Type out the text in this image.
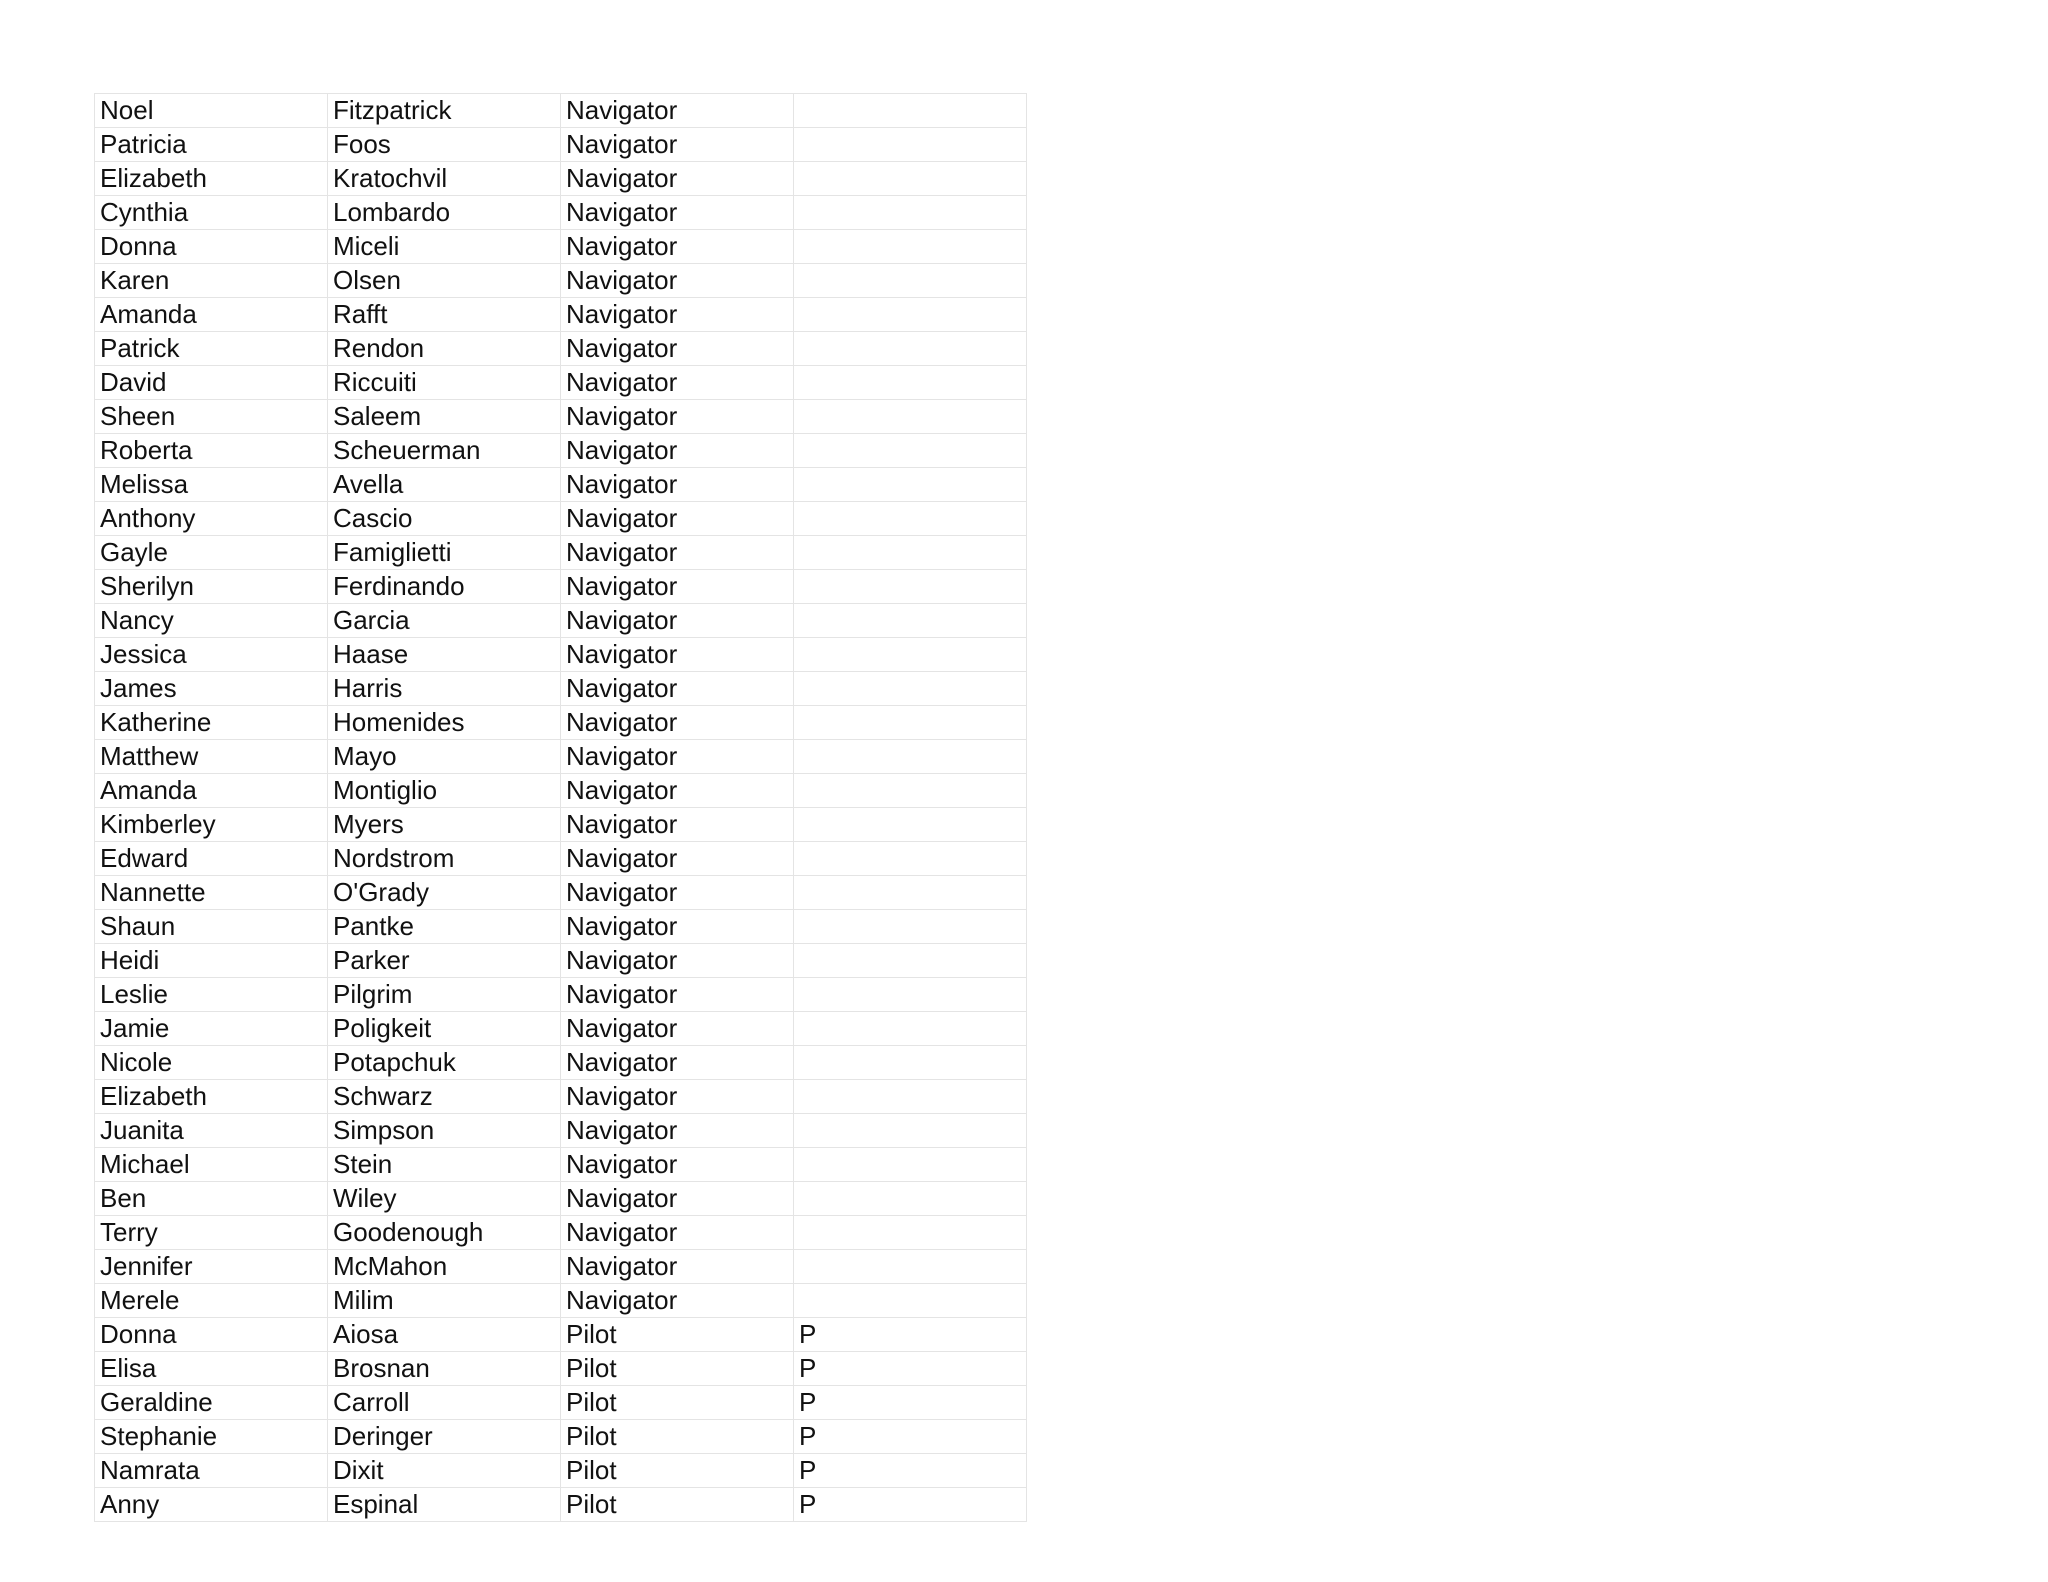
Noel	Fitzpatrick	Navigator	
Patricia	Foos	Navigator	
Elizabeth	Kratochvil	Navigator	
Cynthia	Lombardo	Navigator	
Donna	Miceli	Navigator	
Karen	Olsen	Navigator	
Amanda	Rafft	Navigator	
Patrick	Rendon	Navigator	
David	Riccuiti	Navigator	
Sheen	Saleem	Navigator	
Roberta	Scheuerman	Navigator	
Melissa	Avella	Navigator	
Anthony	Cascio	Navigator	
Gayle	Famiglietti	Navigator	
Sherilyn	Ferdinando	Navigator	
Nancy	Garcia	Navigator	
Jessica	Haase	Navigator	
James	Harris	Navigator	
Katherine	Homenides	Navigator	
Matthew	Mayo	Navigator	
Amanda	Montiglio	Navigator	
Kimberley	Myers	Navigator	
Edward	Nordstrom	Navigator	
Nannette	O'Grady	Navigator	
Shaun	Pantke	Navigator	
Heidi	Parker	Navigator	
Leslie	Pilgrim	Navigator	
Jamie	Poligkeit	Navigator	
Nicole	Potapchuk	Navigator	
Elizabeth	Schwarz	Navigator	
Juanita	Simpson	Navigator	
Michael	Stein	Navigator	
Ben	Wiley	Navigator	
Terry	Goodenough	Navigator	
Jennifer	McMahon	Navigator	
Merele	Milim	Navigator	
Donna	Aiosa	Pilot	P
Elisa	Brosnan	Pilot	P
Geraldine	Carroll	Pilot	P
Stephanie	Deringer	Pilot	P
Namrata	Dixit	Pilot	P
Anny	Espinal	Pilot	P
